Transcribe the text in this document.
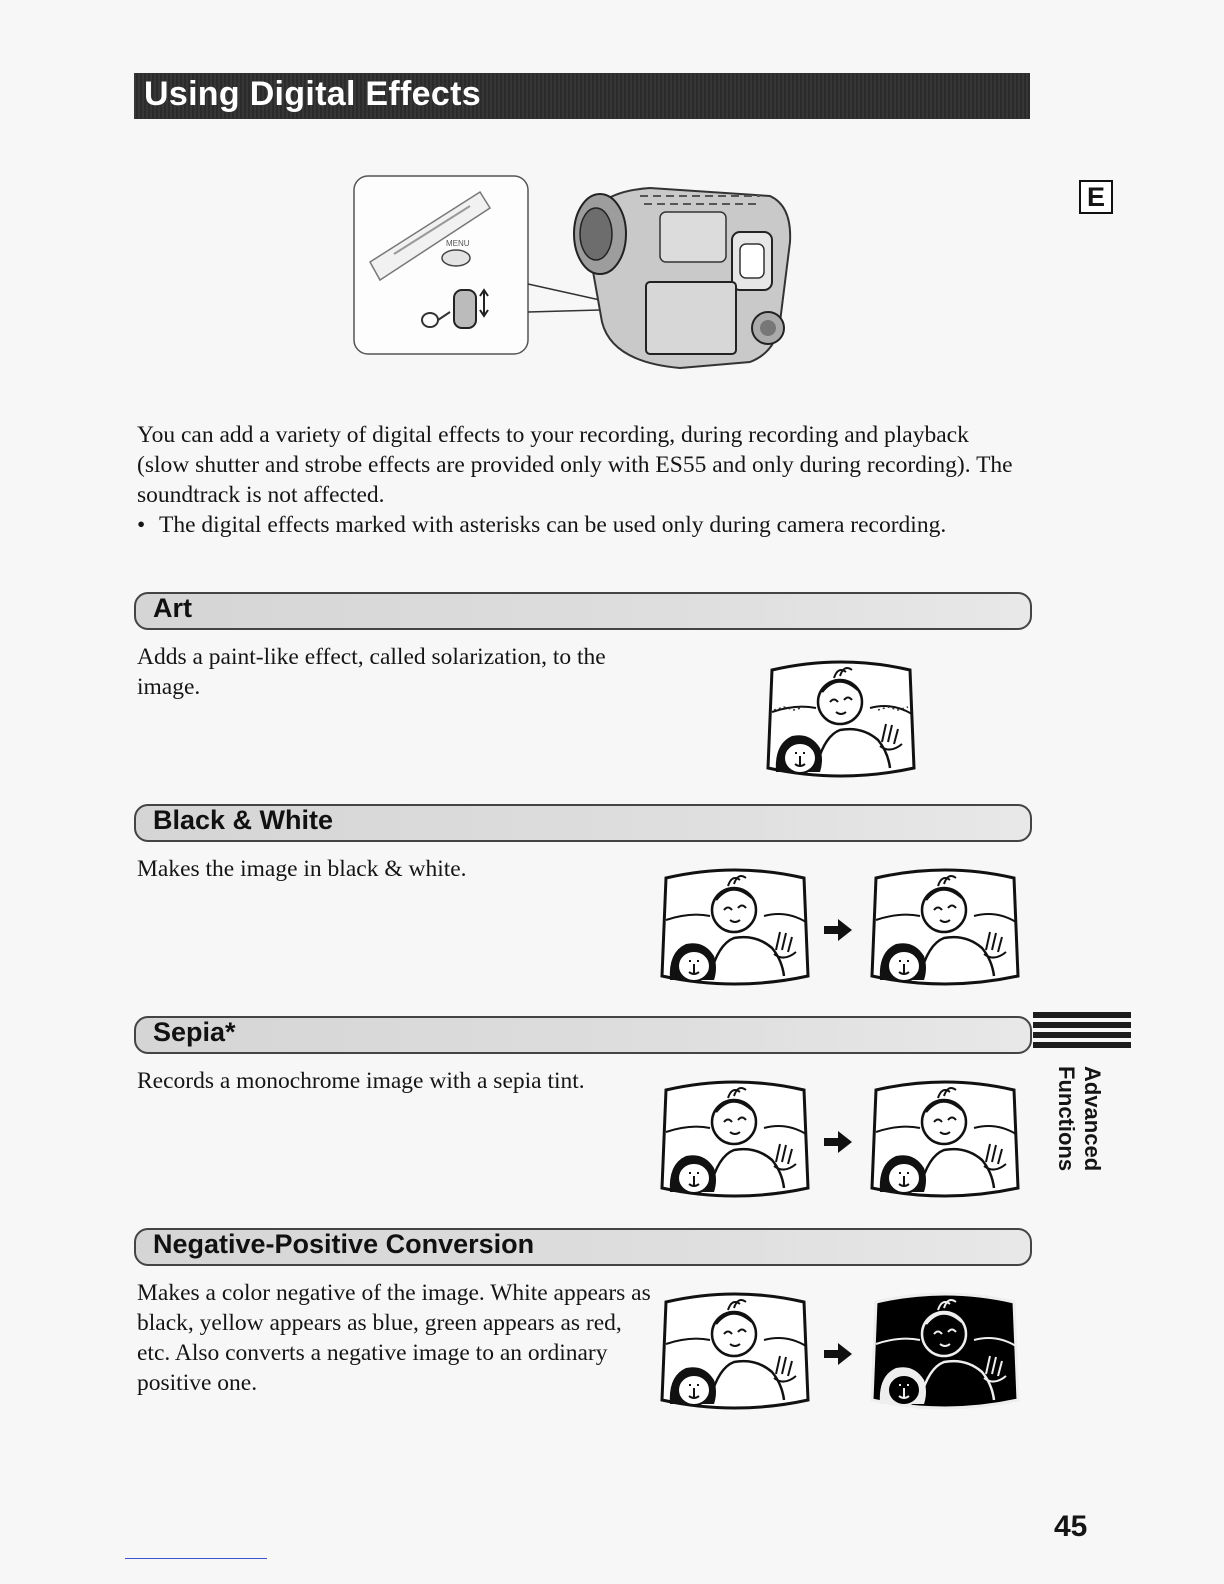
Using Digital Effects
E
MENU

You can add a variety of digital effects to your recording, during recording and playback (slow shutter and strobe effects are provided only with ES55 and only during recording). The soundtrack is not affected.

• The digital effects marked with asterisks can be used only during camera recording.

Art
Adds a paint-like effect, called solarization, to the image.
Black & White
Makes the image in black & white.
Sepia*
Records a monochrome image with a sepia tint.
Negative-Positive Conversion
Makes a color negative of the image. White appears as black, yellow appears as blue, green appears as red, etc. Also converts a negative image to an ordinary positive one.
Advanced
Functions
45
